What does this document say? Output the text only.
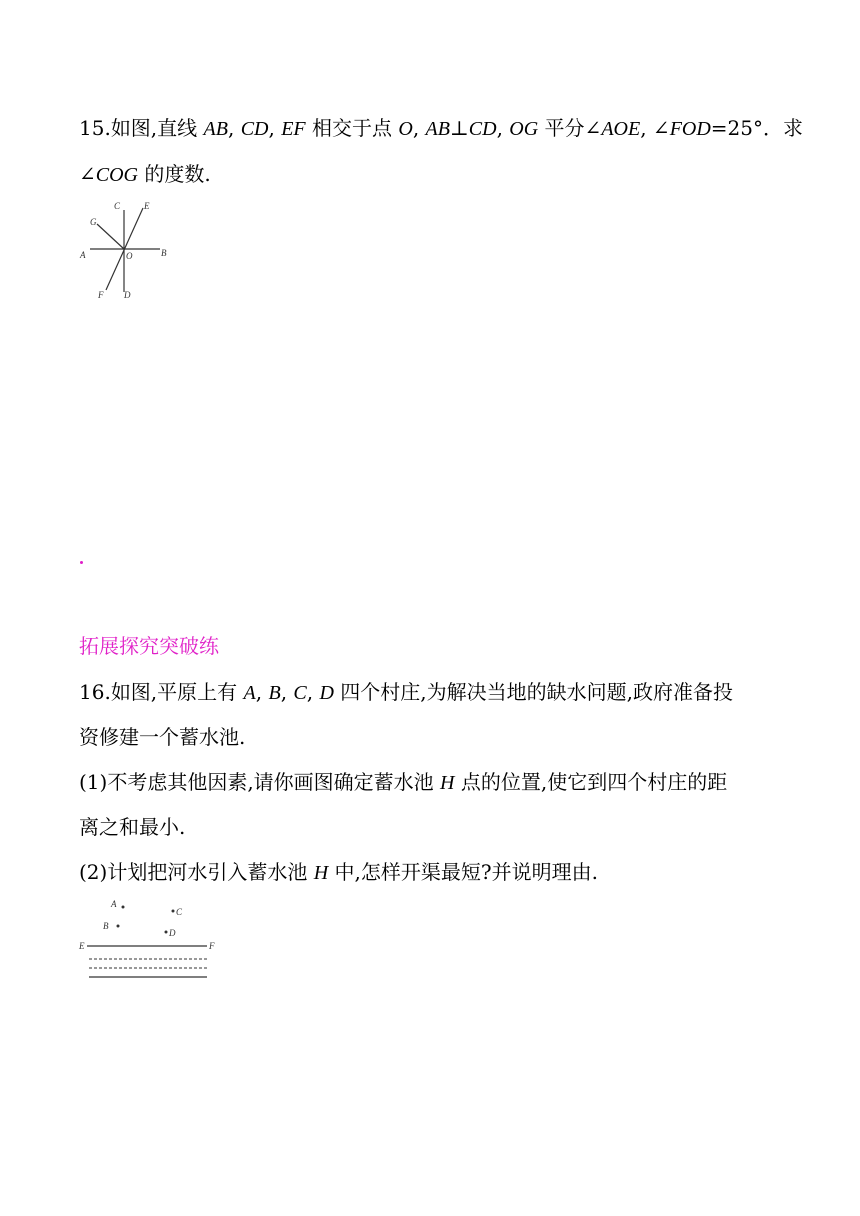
15.如图,直线 AB, CD, EF 相交于点 O, AB⊥CD, OG 平分∠AOE, ∠FOD=25°．求
∠COG 的度数.
C	E
G
A	O	B
F D
拓展探究突破练
16.如图,平原上有 A, B, C, D 四个村庄,为解决当地的缺水问题,政府准备投
资修建一个蓄水池.
(1)不考虑其他因素,请你画图确定蓄水池 H 点的位置,使它到四个村庄的距
离之和最小.
(2)计划把河水引入蓄水池 H 中,怎样开渠最短?并说明理由.
A
B
C
D
E	F
